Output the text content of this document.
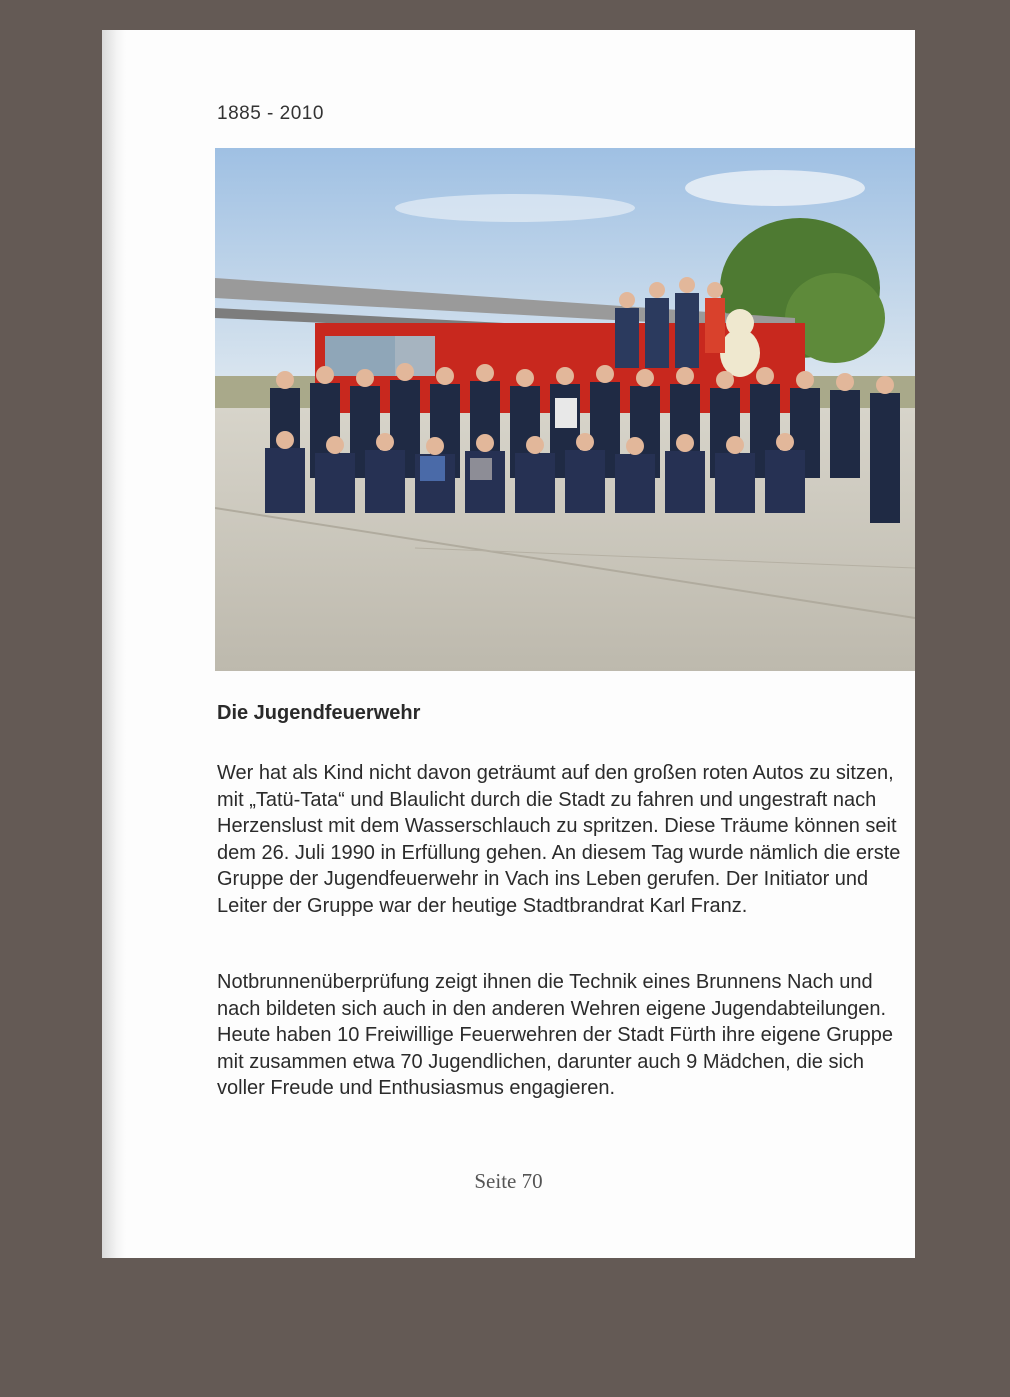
1885 - 2010
Die Jugendfeuerwehr

Wer hat als Kind nicht davon geträumt auf den großen roten Autos zu sitzen, mit „Tatü-Tata“ und Blaulicht durch die Stadt zu fahren und ungestraft nach Herzenslust mit dem Wasserschlauch zu spritzen. Diese Träume können seit dem 26. Juli 1990 in Erfüllung gehen. An diesem Tag wurde nämlich die erste Gruppe der Jugendfeuerwehr in Vach ins Leben gerufen. Der Initiator und Leiter der Gruppe war der heutige Stadtbrandrat Karl Franz.

Notbrunnenüberprüfung zeigt ihnen die Technik eines Brunnens Nach und nach bildeten sich auch in den anderen Wehren eigene Jugendabteilungen. Heute haben 10 Freiwillige Feuerwehren der Stadt Fürth ihre eigene Gruppe mit zusammen etwa 70 Jugendlichen, darunter auch 9 Mädchen, die sich voller Freude und Enthusiasmus engagieren.

Seite 70
